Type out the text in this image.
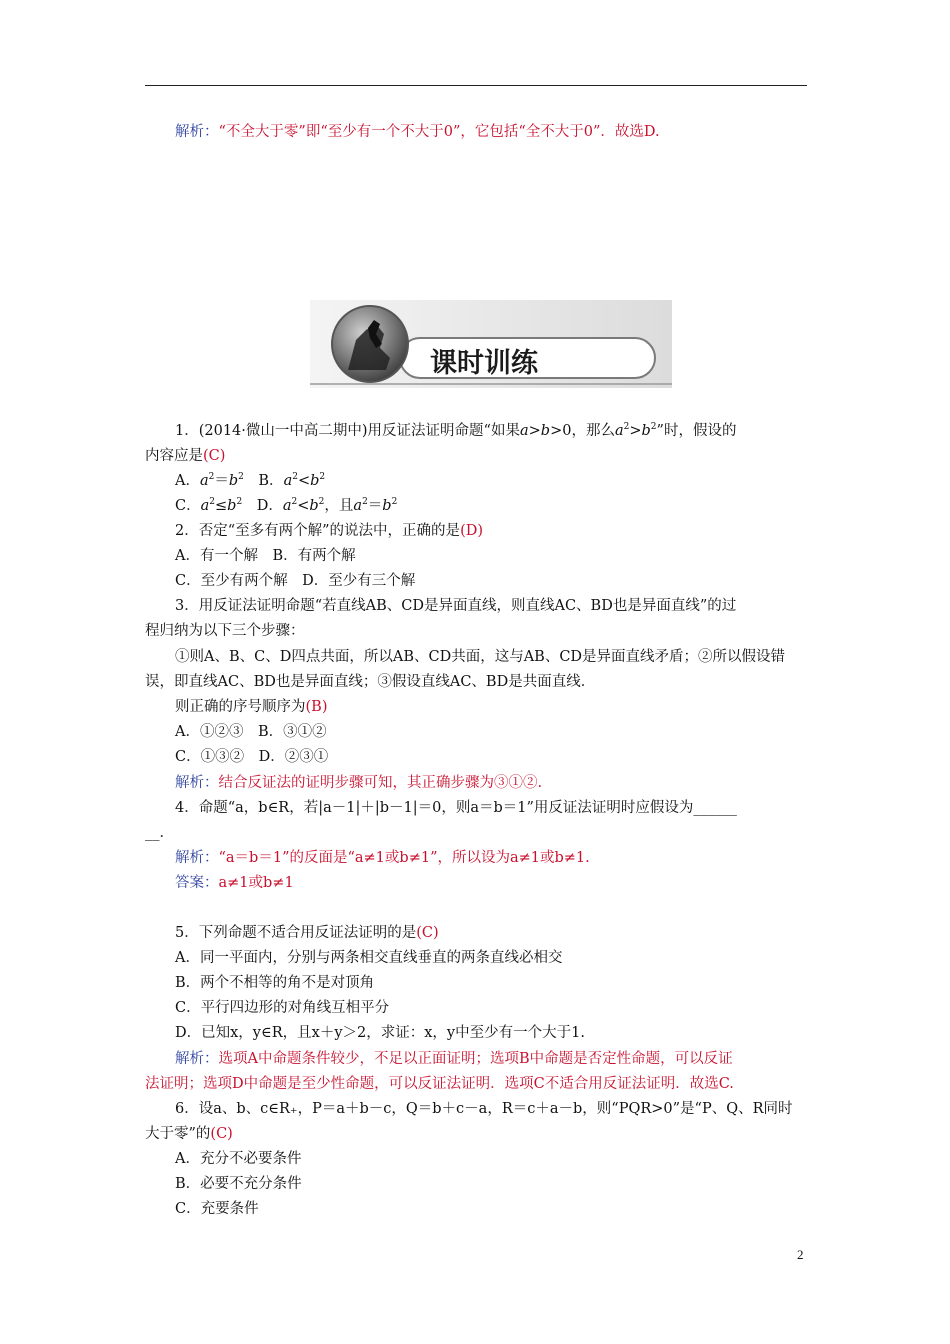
解析：“不全大于零”即“至少有一个不大于0”，它包括“全不大于0”．故选D.
课时训练
1．(2014·微山一中高二期中)用反证法证明命题“如果a>b>0，那么$a^2>b^2$”时，假设的
内容应是(C)
A．$a^2=b^2$　 B．$a^2<b^2$
C．$a^2\le b^2$　 D．$a^2<b^2$，且$a^2=b^2$
2．否定“至多有两个解”的说法中，正确的是(D)
A．有一个解　B．有两个解
C．至少有两个解　D．至少有三个解
3．用反证法证明命题“若直线AB、CD是异面直线，则直线AC、BD也是异面直线”的过
程归纳为以下三个步骤：
①则A、B、C、D四点共面，所以AB、CD共面，这与AB、CD是异面直线矛盾；②所以假设错
误，即直线AC、BD也是异面直线；③假设直线AC、BD是共面直线．
则正确的序号顺序为(B)
A．①②③　B．③①②
C．①③②　D．②③①
解析：结合反证法的证明步骤可知，其正确步骤为③①②.
4．命题“a，b∈R，若|a－1|＋|b－1|＝0，则a＝b＝1”用反证法证明时应假设为______
__．
解析：“a＝b＝1”的反面是“a≠1或b≠1”，所以设为a≠1或b≠1.
答案：a≠1或b≠1
5．下列命题不适合用反证法证明的是(C)
A．同一平面内，分别与两条相交直线垂直的两条直线必相交
B．两个不相等的角不是对顶角
C．平行四边形的对角线互相平分
D．已知x，y∈R，且x＋y＞2，求证：x，y中至少有一个大于1.
解析：选项A中命题条件较少，不足以正面证明；选项B中命题是否定性命题，可以反证
法证明；选项D中命题是至少性命题，可以反证法证明．选项C不适合用反证法证明．故选C.
6．设a、b、c∈R₊，P＝a＋b－c，Q＝b＋c－a，R＝c＋a－b，则“PQR>0”是“P、Q、R同时
大于零”的(C)
A．充分不必要条件
B．必要不充分条件
C．充要条件
2
